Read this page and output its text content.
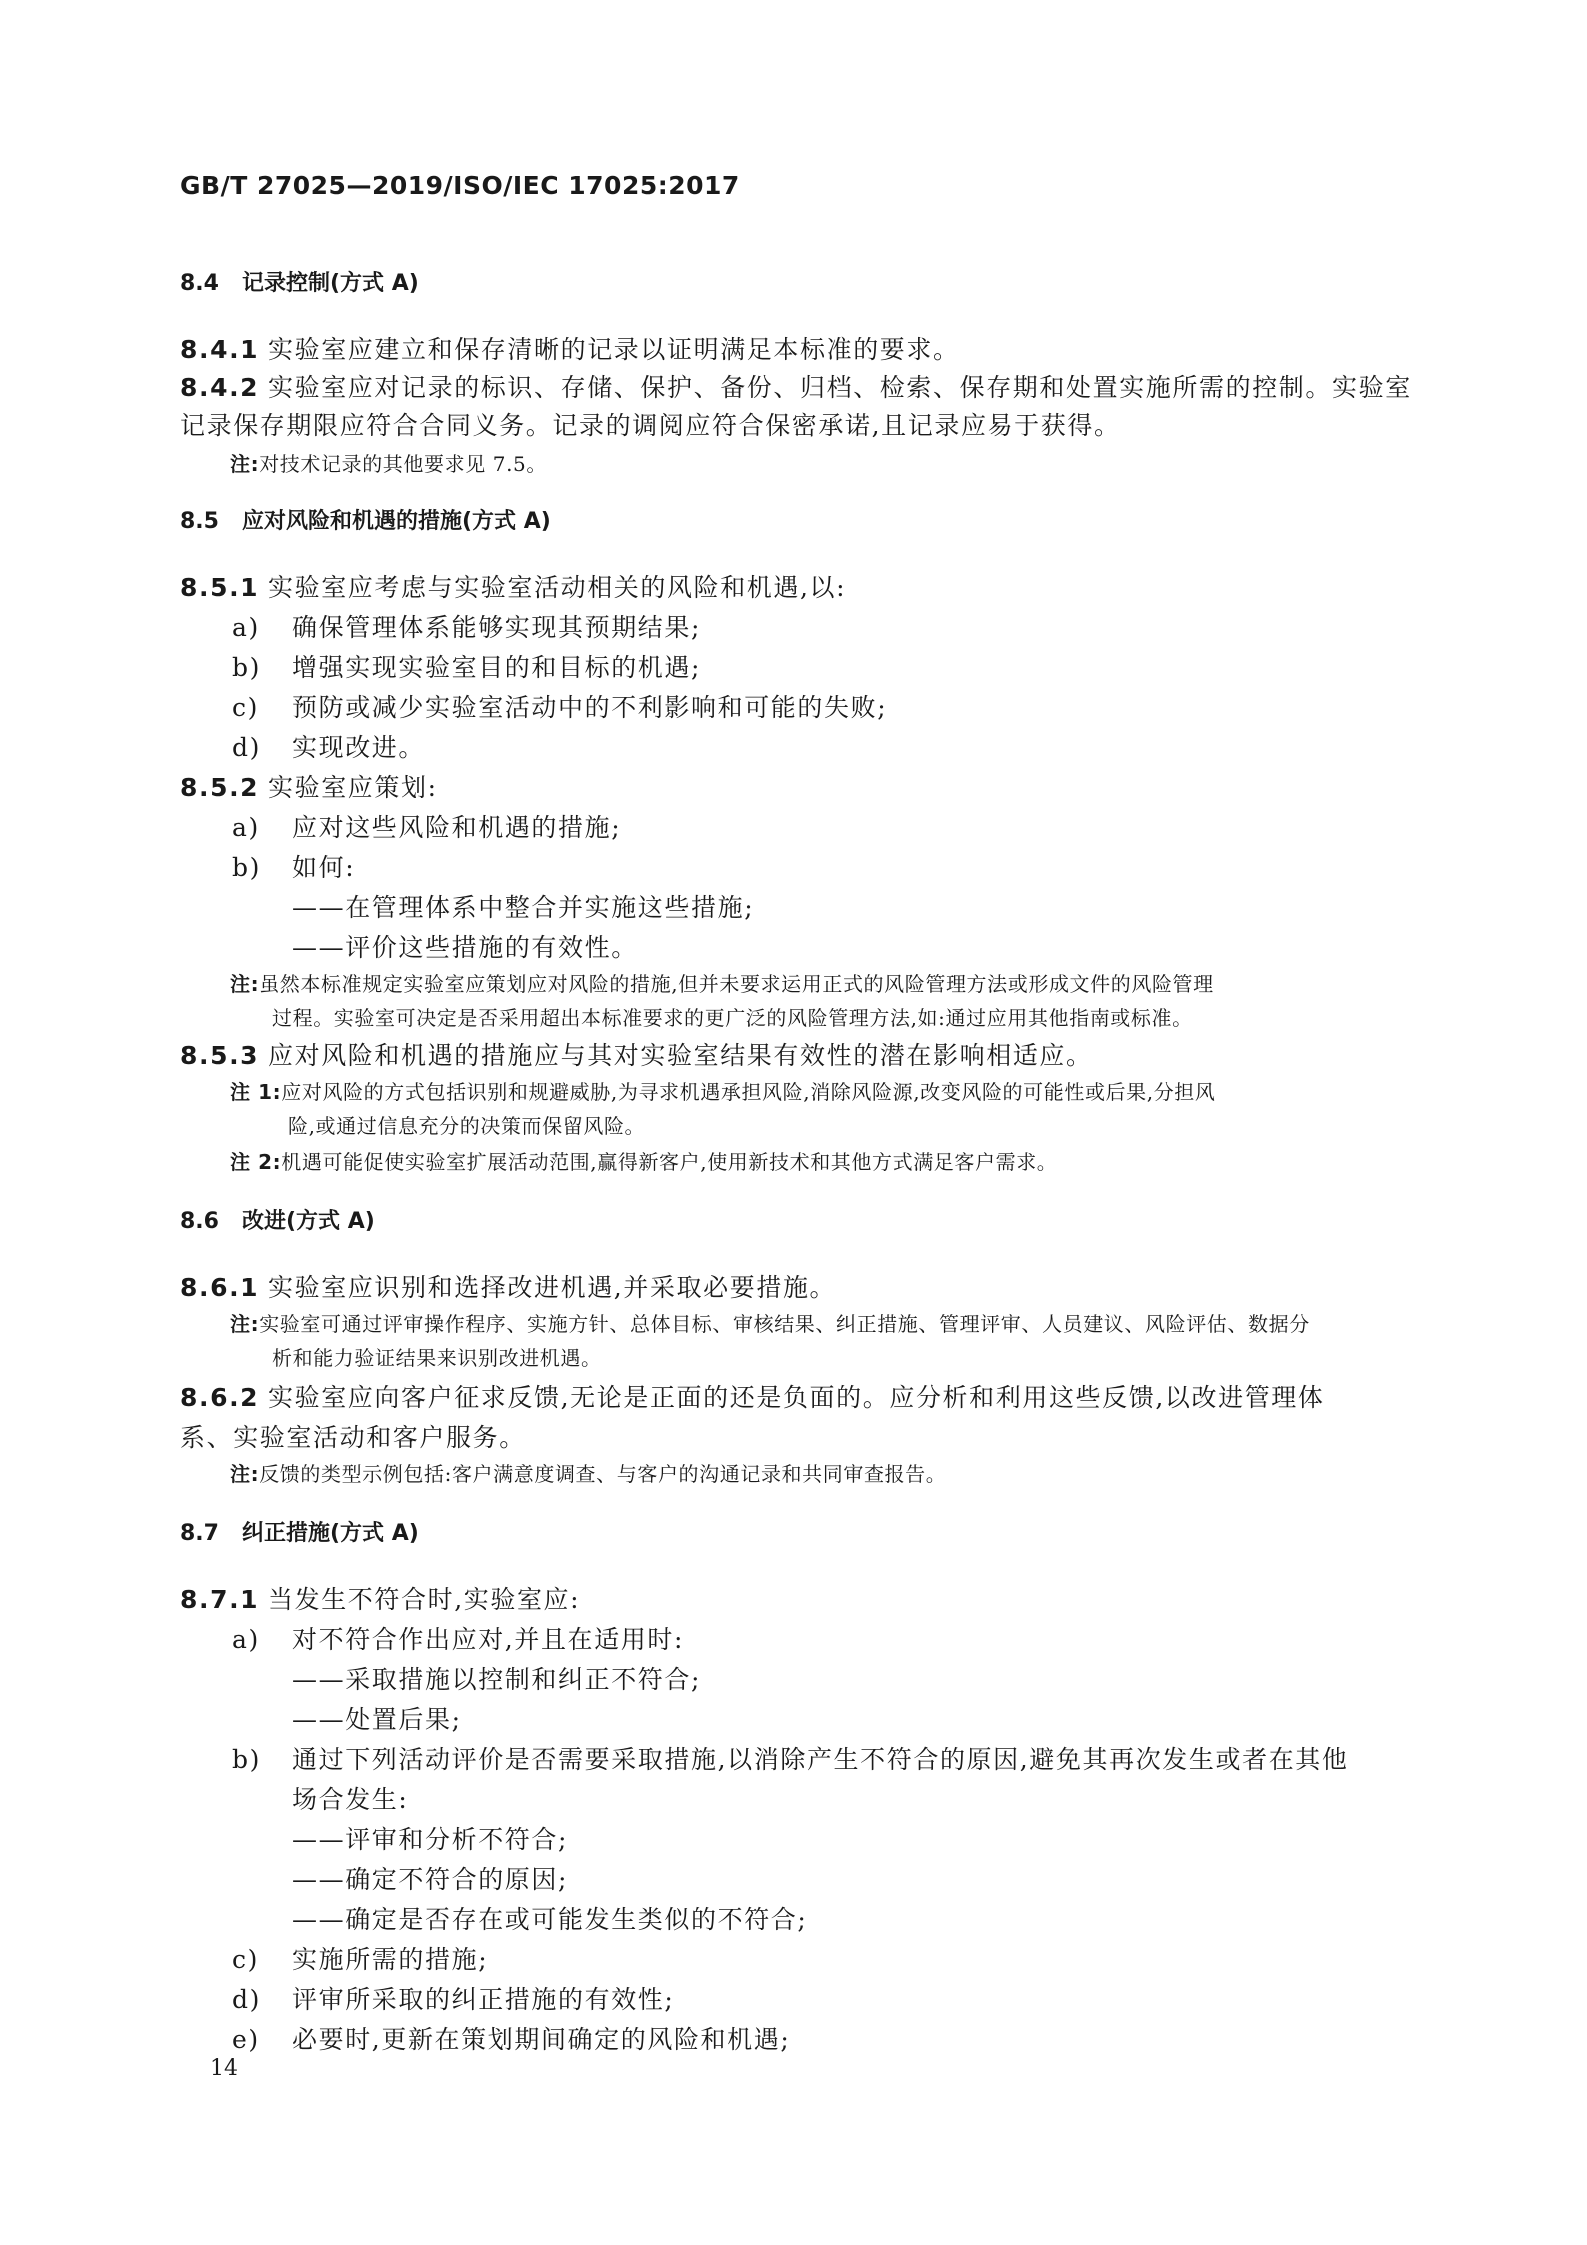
GB/T 27025—2019/ISO/IEC 17025:2017
8.4 记录控制(方式 A)
8.4.1 实验室应建立和保存清晰的记录以证明满足本标准的要求。
8.4.2 实验室应对记录的标识、存储、保护、备份、归档、检索、保存期和处置实施所需的控制。实验室
记录保存期限应符合合同义务。记录的调阅应符合保密承诺,且记录应易于获得。
注:对技术记录的其他要求见 7.5。
8.5 应对风险和机遇的措施(方式 A)
8.5.1 实验室应考虑与实验室活动相关的风险和机遇,以:
a) 确保管理体系能够实现其预期结果;
b) 增强实现实验室目的和目标的机遇;
c) 预防或减少实验室活动中的不利影响和可能的失败;
d) 实现改进。
8.5.2 实验室应策划:
a) 应对这些风险和机遇的措施;
b) 如何:
——在管理体系中整合并实施这些措施;
——评价这些措施的有效性。
注:虽然本标准规定实验室应策划应对风险的措施,但并未要求运用正式的风险管理方法或形成文件的风险管理
过程。实验室可决定是否采用超出本标准要求的更广泛的风险管理方法,如:通过应用其他指南或标准。
8.5.3 应对风险和机遇的措施应与其对实验室结果有效性的潜在影响相适应。
注 1:应对风险的方式包括识别和规避威胁,为寻求机遇承担风险,消除风险源,改变风险的可能性或后果,分担风
险,或通过信息充分的决策而保留风险。
注 2:机遇可能促使实验室扩展活动范围,赢得新客户,使用新技术和其他方式满足客户需求。
8.6 改进(方式 A)
8.6.1 实验室应识别和选择改进机遇,并采取必要措施。
注:实验室可通过评审操作程序、实施方针、总体目标、审核结果、纠正措施、管理评审、人员建议、风险评估、数据分
析和能力验证结果来识别改进机遇。
8.6.2 实验室应向客户征求反馈,无论是正面的还是负面的。应分析和利用这些反馈,以改进管理体
系、实验室活动和客户服务。
注:反馈的类型示例包括:客户满意度调查、与客户的沟通记录和共同审查报告。
8.7 纠正措施(方式 A)
8.7.1 当发生不符合时,实验室应:
a) 对不符合作出应对,并且在适用时:
——采取措施以控制和纠正不符合;
——处置后果;
b) 通过下列活动评价是否需要采取措施,以消除产生不符合的原因,避免其再次发生或者在其他
场合发生:
——评审和分析不符合;
——确定不符合的原因;
——确定是否存在或可能发生类似的不符合;
c) 实施所需的措施;
d) 评审所采取的纠正措施的有效性;
e) 必要时,更新在策划期间确定的风险和机遇;
14
